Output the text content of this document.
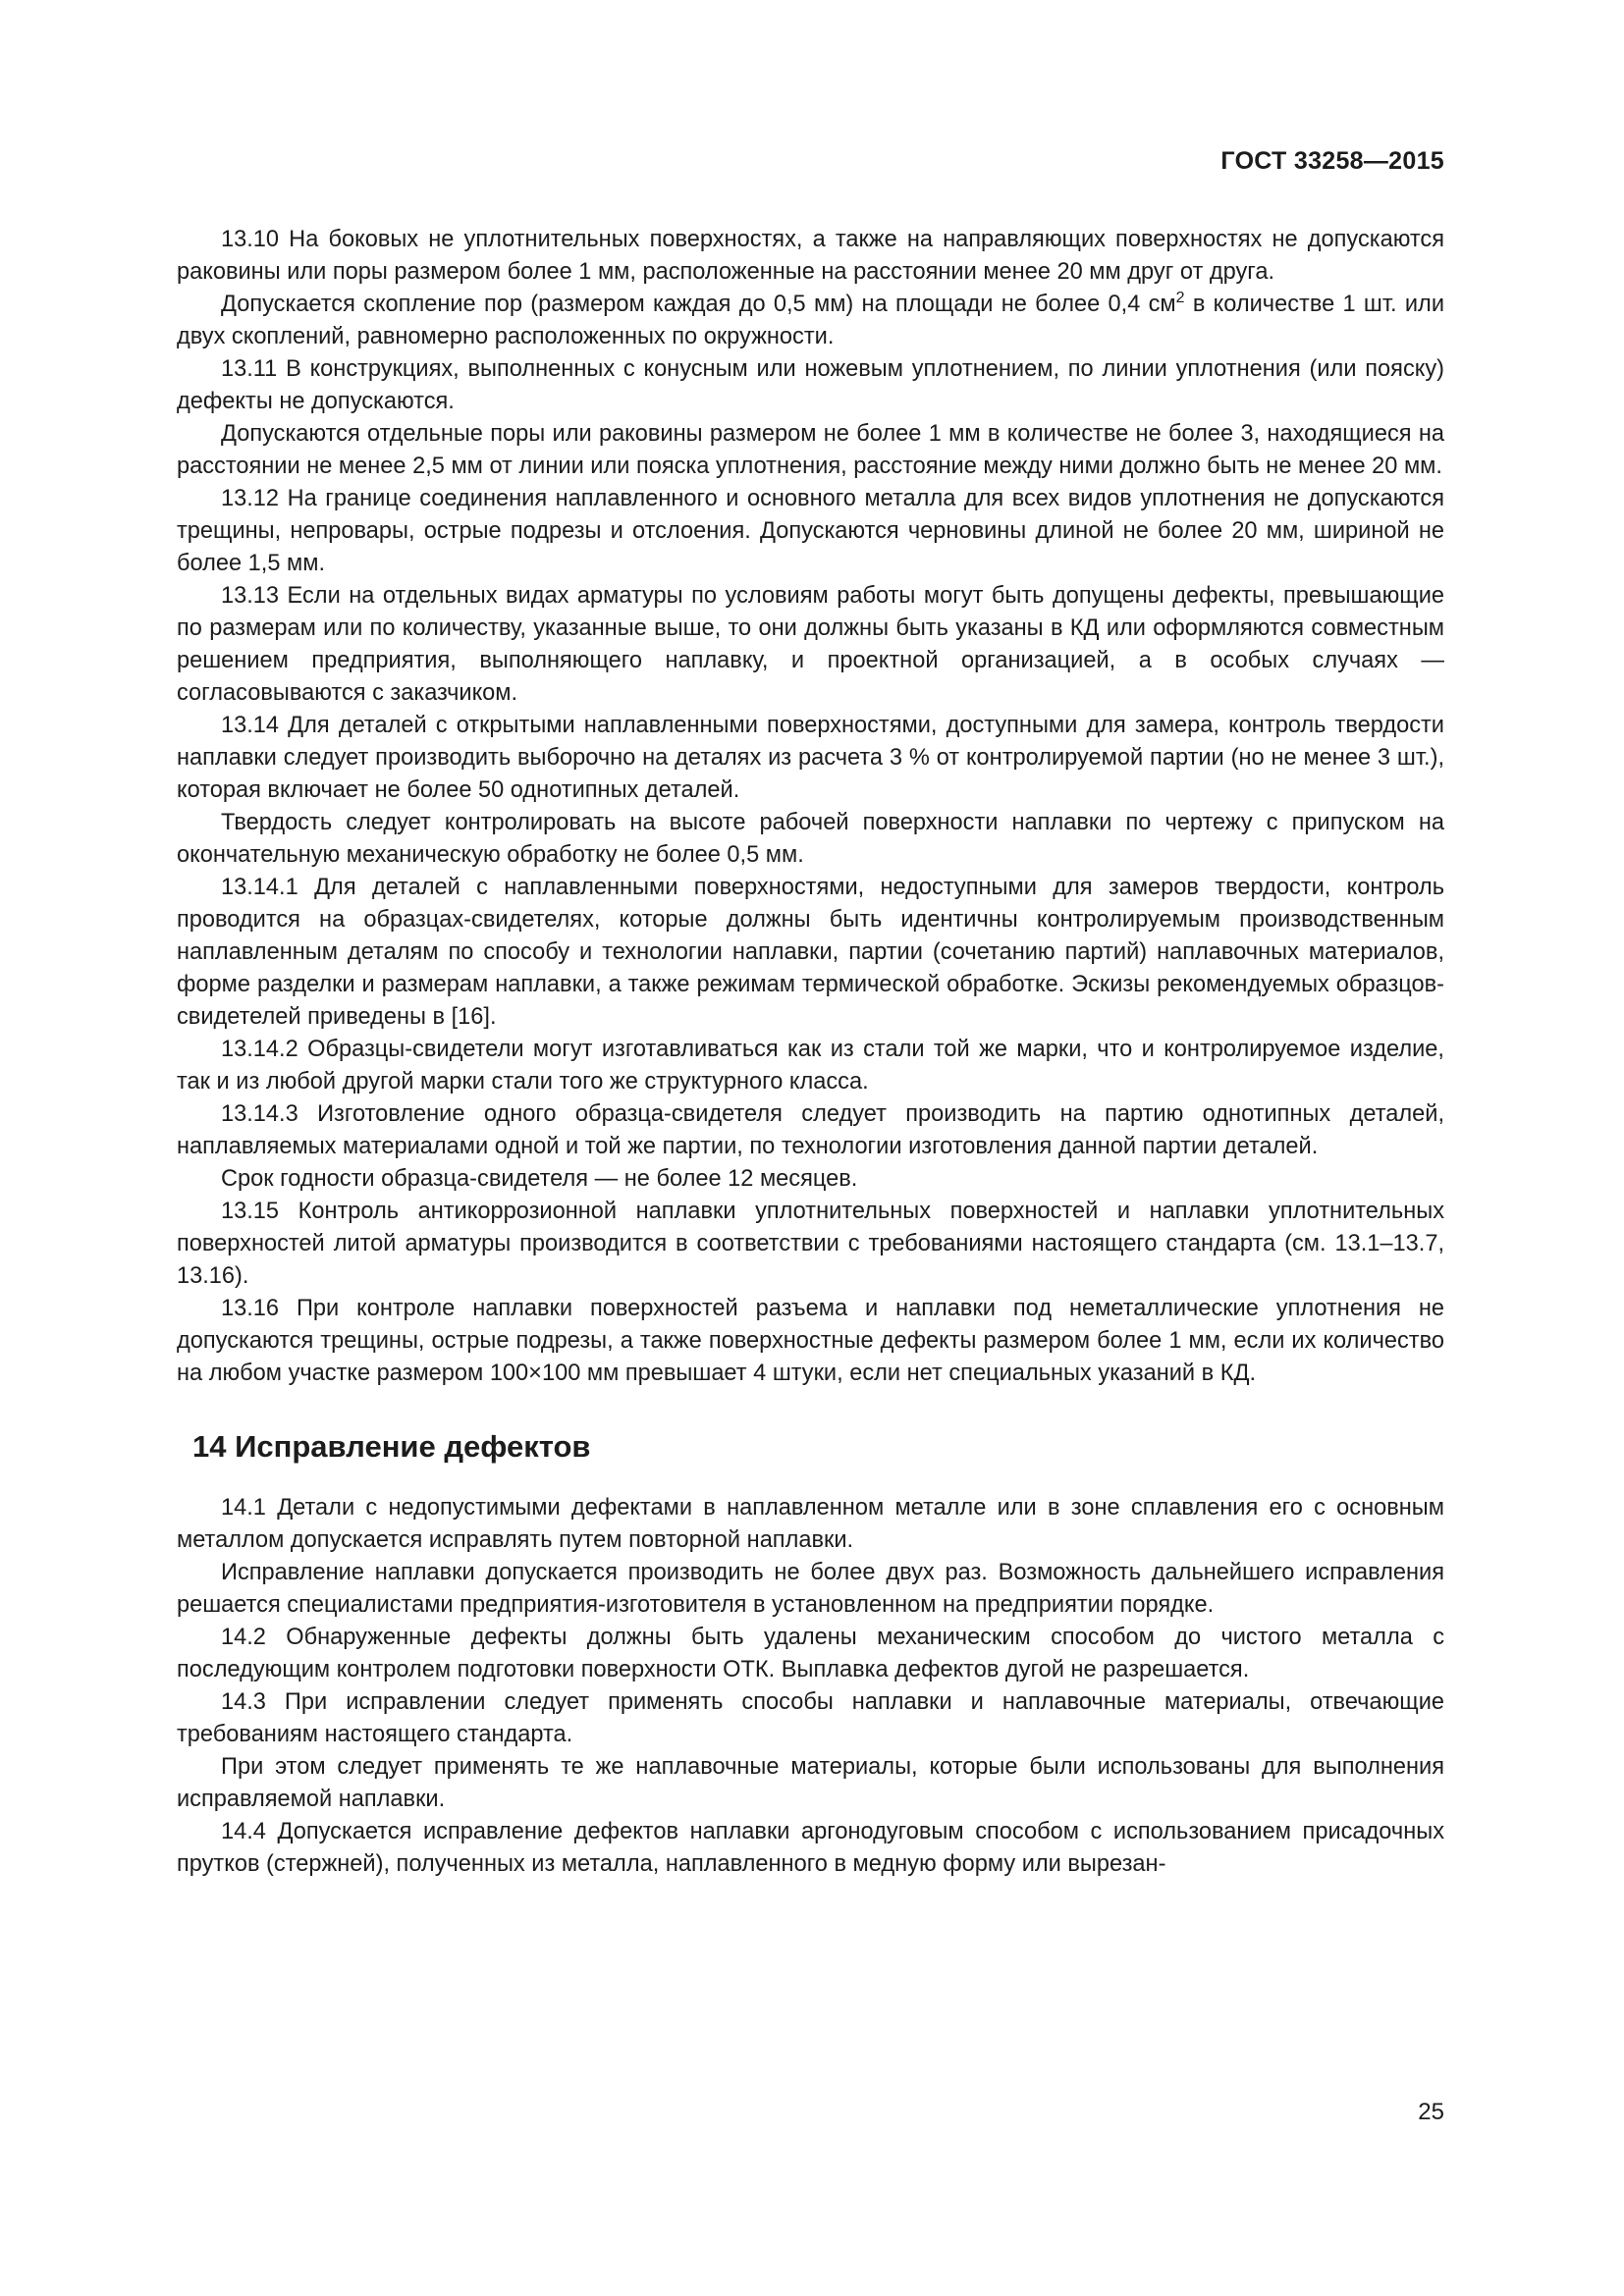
ГОСТ 33258—2015

13.10 На боковых не уплотнительных поверхностях, а также на направляющих поверхностях не допускаются раковины или поры размером более 1 мм, расположенные на расстоянии менее 20 мм друг от друга.

Допускается скопление пор (размером каждая до 0,5 мм) на площади не более 0,4 $см^2$ в количестве 1 шт. или двух скоплений, равномерно расположенных по окружности.

13.11 В конструкциях, выполненных с конусным или ножевым уплотнением, по линии уплотнения (или пояску) дефекты не допускаются.

Допускаются отдельные поры или раковины размером не более 1 мм в количестве не более 3, находящиеся на расстоянии не менее 2,5 мм от линии или пояска уплотнения, расстояние между ними должно быть не менее 20 мм.

13.12 На границе соединения наплавленного и основного металла для всех видов уплотнения не допускаются трещины, непровары, острые подрезы и отслоения. Допускаются черновины длиной не более 20 мм, шириной не более 1,5 мм.

13.13 Если на отдельных видах арматуры по условиям работы могут быть допущены дефекты, превышающие по размерам или по количеству, указанные выше, то они должны быть указаны в КД или оформляются совместным решением предприятия, выполняющего наплавку, и проектной организацией, а в особых случаях — согласовываются с заказчиком.

13.14 Для деталей с открытыми наплавленными поверхностями, доступными для замера, контроль твердости наплавки следует производить выборочно на деталях из расчета 3 % от контролируемой партии (но не менее 3 шт.), которая включает не более 50 однотипных деталей.

Твердость следует контролировать на высоте рабочей поверхности наплавки по чертежу с припуском на окончательную механическую обработку не более 0,5 мм.

13.14.1 Для деталей с наплавленными поверхностями, недоступными для замеров твердости, контроль проводится на образцах-свидетелях, которые должны быть идентичны контролируемым производственным наплавленным деталям по способу и технологии наплавки, партии (сочетанию партий) наплавочных материалов, форме разделки и размерам наплавки, а также режимам термической обработке. Эскизы рекомендуемых образцов-свидетелей приведены в [16].

13.14.2 Образцы-свидетели могут изготавливаться как из стали той же марки, что и контролируемое изделие, так и из любой другой марки стали того же структурного класса.

13.14.3 Изготовление одного образца-свидетеля следует производить на партию однотипных деталей, наплавляемых материалами одной и той же партии, по технологии изготовления данной партии деталей.

Срок годности образца-свидетеля — не более 12 месяцев.

13.15 Контроль антикоррозионной наплавки уплотнительных поверхностей и наплавки уплотнительных поверхностей литой арматуры производится в соответствии с требованиями настоящего стандарта (см. 13.1–13.7, 13.16).

13.16 При контроле наплавки поверхностей разъема и наплавки под неметаллические уплотнения не допускаются трещины, острые подрезы, а также поверхностные дефекты размером более 1 мм, если их количество на любом участке размером 100×100 мм превышает 4 штуки, если нет специальных указаний в КД.

14 Исправление дефектов

14.1 Детали с недопустимыми дефектами в наплавленном металле или в зоне сплавления его с основным металлом допускается исправлять путем повторной наплавки.

Исправление наплавки допускается производить не более двух раз. Возможность дальнейшего исправления решается специалистами предприятия-изготовителя в установленном на предприятии порядке.

14.2 Обнаруженные дефекты должны быть удалены механическим способом до чистого металла с последующим контролем подготовки поверхности ОТК. Выплавка дефектов дугой не разрешается.

14.3 При исправлении следует применять способы наплавки и наплавочные материалы, отвечающие требованиям настоящего стандарта.

При этом следует применять те же наплавочные материалы, которые были использованы для выполнения исправляемой наплавки.

14.4 Допускается исправление дефектов наплавки аргонодуговым способом с использованием присадочных прутков (стержней), полученных из металла, наплавленного в медную форму или вырезан-

25
